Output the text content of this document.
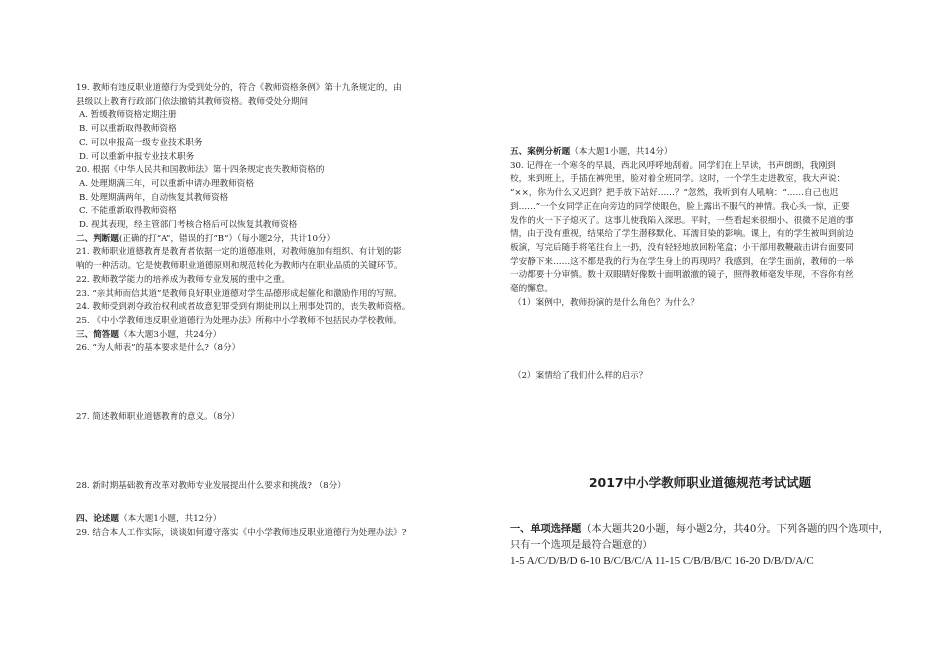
19. 教师有违反职业道德行为受到处分的，符合《教师资格条例》第十九条规定的，由

县级以上教育行政部门依法撤销其教师资格。教师受处分期间

A. 暂缓教师资格定期注册

B. 可以重新取得教师资格

C. 可以申报高一级专业技术职务

D. 可以重新申报专业技术职务

20. 根据《中华人民共和国教师法》第十四条规定丧失教师资格的

A. 处理期满三年，可以重新申请办理教师资格

B. 处理期满两年，自动恢复其教师资格

C. 不能重新取得教师资格

D. 视其表现，经主管部门考核合格后可以恢复其教师资格

二、判断题(正确的打“A”，错误的打“B”）（每小题2分，共计10分）

21. 教师职业道德教育是教育者依据一定的道德准则，对教师施加有组织、有计划的影

响的一种活动。它是使教师职业道德原则和规范转化为教师内在职业品质的关键环节。

22. 教师教学能力的培养成为教师专业发展的重中之重。

23. “亲其师而信其道”是教师良好职业道德对学生品德形成起催化和激励作用的写照。

24. 教师受到剥夺政治权利或者故意犯罪受到有期徒刑以上刑事处罚的，丧失教师资格。

25. 《中小学教师违反职业道德行为处理办法》所称中小学教师不包括民办学校教师。

三、简答题（本大题3小题，共24分）

26. “为人师表”的基本要求是什么?（8分）

27. 简述教师职业道德教育的意义。（8分）

28. 新时期基础教育改革对教师专业发展提出什么要求和挑战? （8分）

四、论述题（本大题1小题，共12分）

29. 结合本人工作实际，谈谈如何遵守落实《中小学教师违反职业道德行为处理办法》?

五、案例分析题（本大题1小题，共14分）

30. 记得在一个寒冬的早晨，西北风呼呼地刮着。同学们在上早读，书声朗朗，我刚到

校，来到班上，手插在裤兜里，脸对着全班同学。这时，一个学生走进教室，我大声说：

“××，你为什么又迟到？把手放下站好……？”忽然，我听到有人吼响：“……自己也迟

到……”一个女同学正在向旁边的同学使眼色，脸上露出不服气的神情。我心头一惊，正要

发作的火一下子熄灭了。这事儿使我陷入深思。平时，一些看起来很细小、很微不足道的事

情，由于没有重视，结果给了学生潜移默化、耳濡目染的影响。课上，有的学生被叫到前边

板演，写完后随手将笔往台上一扔，没有轻轻地放回粉笔盒；小干部用教鞭敲击讲台面要同

学安静下来……这不都是我的行为在学生身上的再现吗？我感到，在学生面前，教师的一举

一动都要十分审慎。数十双眼睛好像数十面明澈澈的镜子，照得教师毫发毕现，不容你有丝

毫的懈怠。

（1）案例中，教师扮演的是什么角色？为什么？

（2）案情给了我们什么样的启示？

2017中小学教师职业道德规范考试试题
一、单项选择题（本大题共20小题，每小题2分，共40分。下列各题的四个选项中，只有一个选项是最符合题意的）
1-5 A/C/D/B/D 6-10 B/C/B/C/A 11-15 C/B/B/B/C 16-20 D/B/D/A/C
